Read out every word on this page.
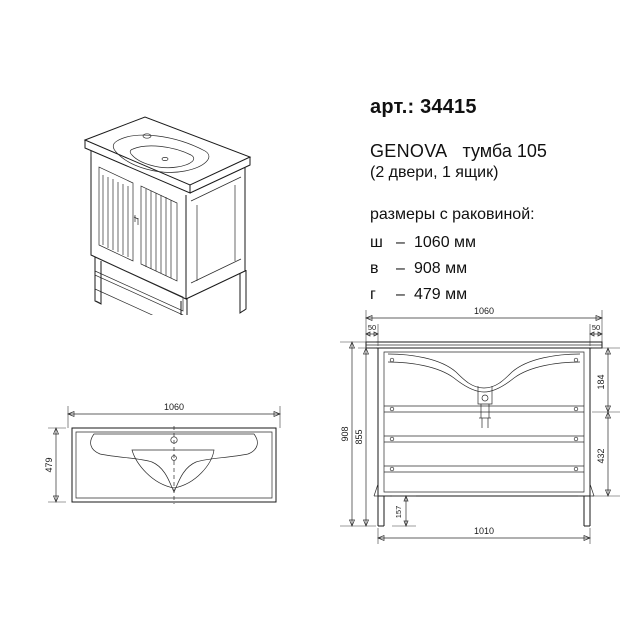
арт.: 34415
GENOVA тумба 105
(2 двери, 1 ящик)
размеры с раковиной:
ш – 1060 мм
в	– 908 мм
г	– 479 мм
1060
479
1060
50	50
908 855
184
432
157
1010
